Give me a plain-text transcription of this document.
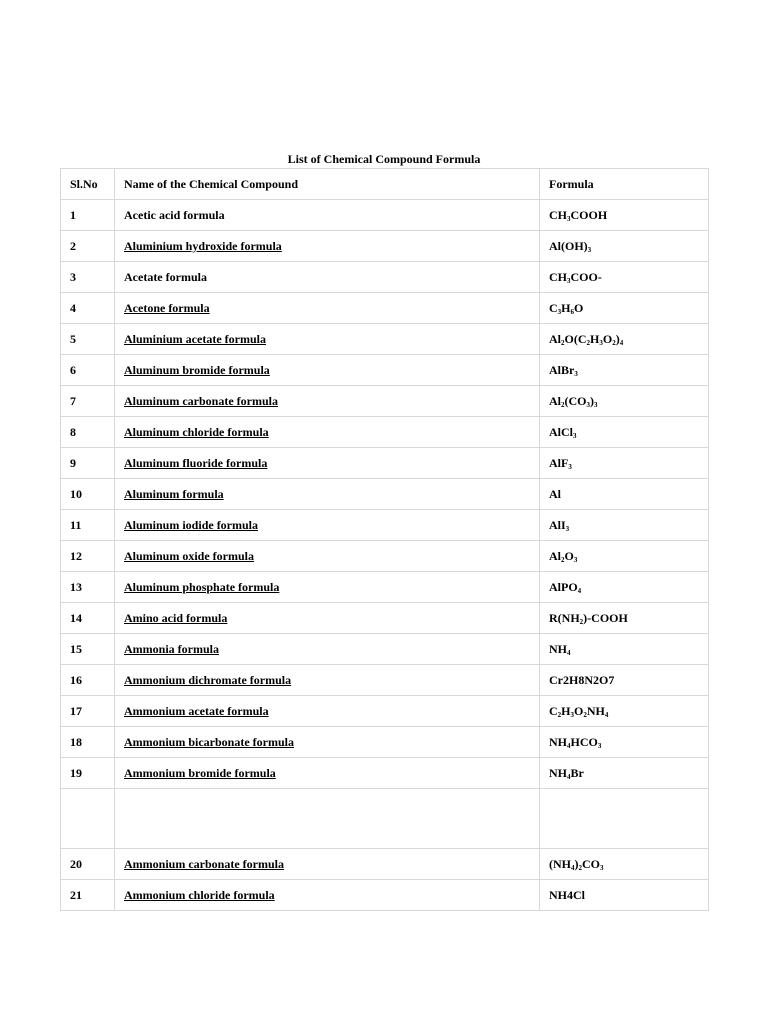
List of Chemical Compound Formula
Sl.No	Name of the Chemical Compound	Formula
1	Acetic acid formula	$CH_3COOH$
2	Aluminium hydroxide formula	$Al(OH)_3$
3	Acetate formula	$CH_3COO-$
4	Acetone formula	$C_3H_6O$
5	Aluminium acetate formula	$Al_2O(C_2H_3O_2)_4$
6	Aluminum bromide formula	AlBr$_3$
7	Aluminum carbonate formula	$Al_2(CO_3)_3$
8	Aluminum chloride formula	AlCl$_3$
9	Aluminum fluoride formula	AlF$_3$
10	Aluminum formula	Al
11	Aluminum iodide formula	AlI$_3$
12	Aluminum oxide formula	$Al_2O_3$
13	Aluminum phosphate formula	AlPO$_4$
14	Amino acid formula	$R(NH_2)$-COOH
15	Ammonia formula	$NH_4$
16	Ammonium dichromate formula	Cr2H8N2O7
17	Ammonium acetate formula	$C_2H_3O_2NH_4$
18	Ammonium bicarbonate formula	$NH_4HCO_3$
19	Ammonium bromide formula	$NH_4Br$

20	Ammonium carbonate formula	$(NH_4)_2CO_3$
21	Ammonium chloride formula	NH4Cl
